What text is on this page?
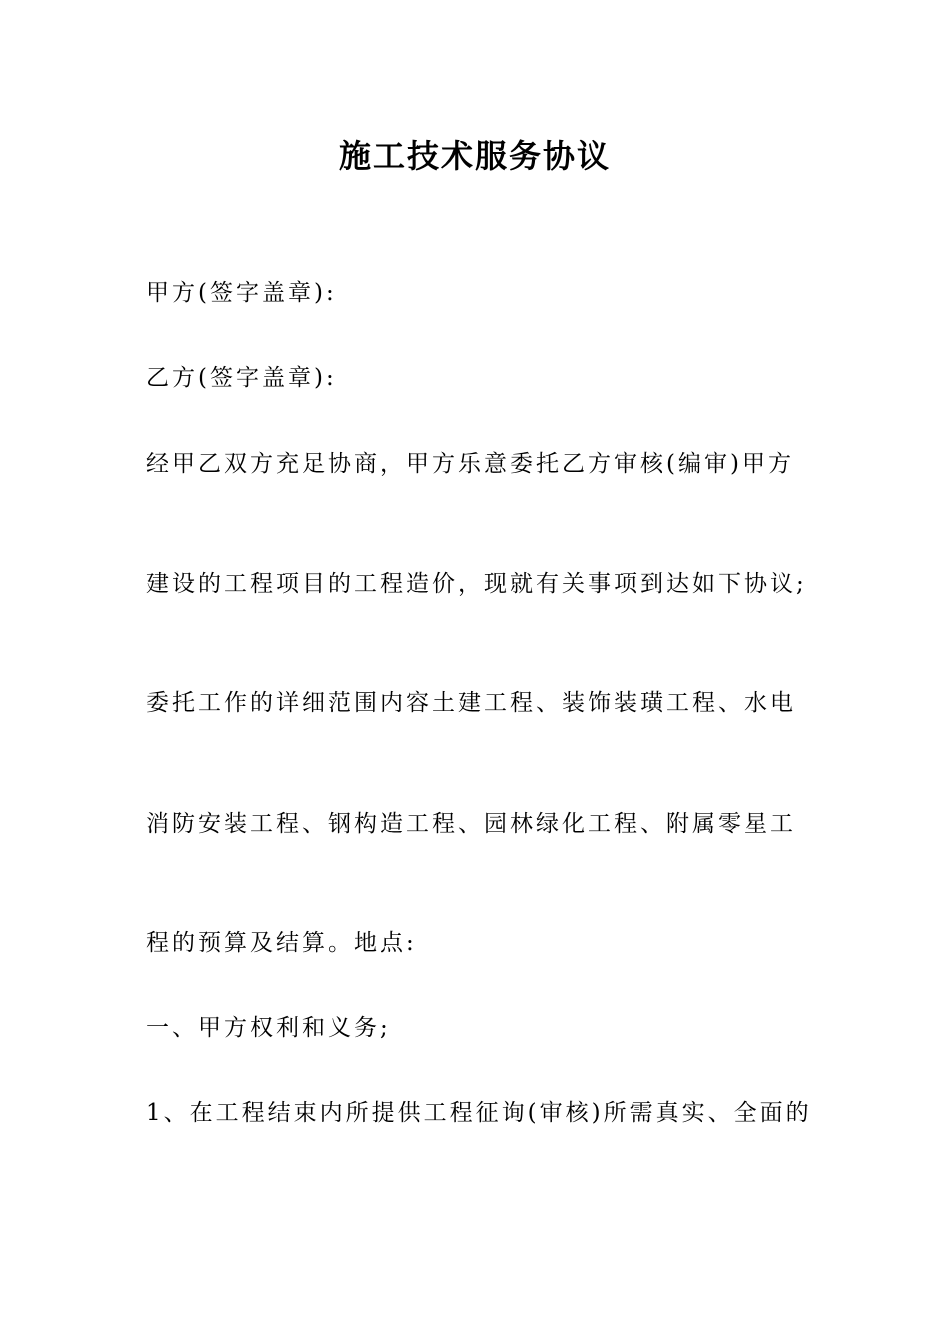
施工技术服务协议

甲方(签字盖章):

乙方(签字盖章):

经甲乙双方充足协商，甲方乐意委托乙方审核(编审)甲方

建设的工程项目的工程造价，现就有关事项到达如下协议;

委托工作的详细范围内容土建工程、装饰装璜工程、水电

消防安装工程、钢构造工程、园林绿化工程、附属零星工

程的预算及结算。地点:

一、甲方权利和义务;

1、在工程结束内所提供工程征询(审核)所需真实、全面的
